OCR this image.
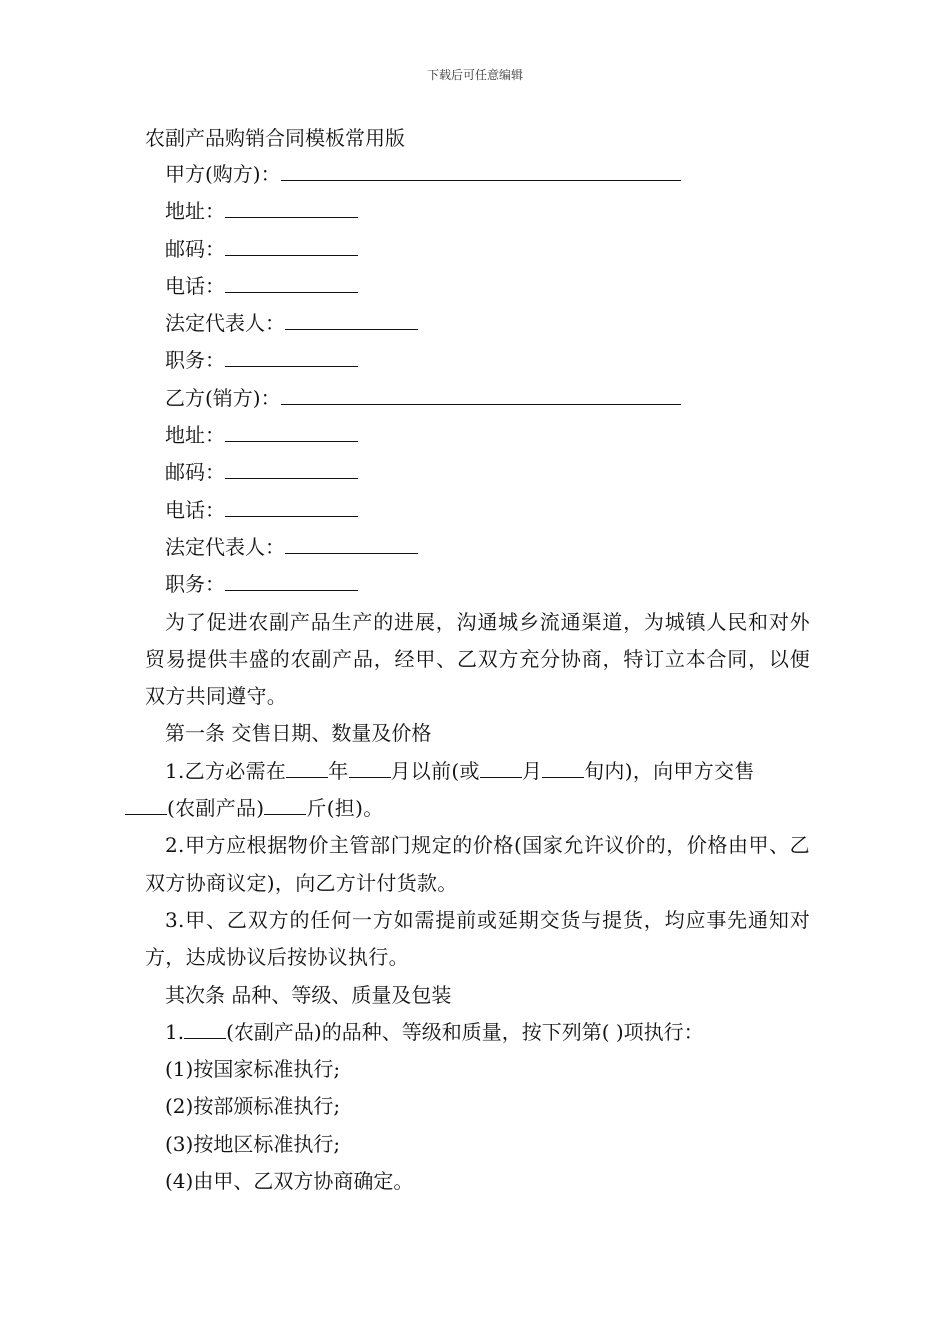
下载后可任意编辑

农副产品购销合同模板常用版

甲方(购方)：

地址：

邮码：

电话：

法定代表人：

职务：

乙方(销方)：

地址：

邮码：

电话：

法定代表人：

职务：

为了促进农副产品生产的进展，沟通城乡流通渠道，为城镇人民和对外贸易提供丰盛的农副产品，经甲、乙双方充分协商，特订立本合同，以便双方共同遵守。

第一条 交售日期、数量及价格

1.乙方必需在 年 月以前(或 月 旬内)，向甲方交售
(农副产品) 斤(担)。

2.甲方应根据物价主管部门规定的价格(国家允许议价的，价格由甲、乙双方协商议定)，向乙方计付货款。

3.甲、乙双方的任何一方如需提前或延期交货与提货，均应事先通知对方，达成协议后按协议执行。

其次条 品种、等级、质量及包装

1. (农副产品)的品种、等级和质量，按下列第( )项执行：

(1)按国家标准执行;

(2)按部颁标准执行;

(3)按地区标准执行;

(4)由甲、乙双方协商确定。
